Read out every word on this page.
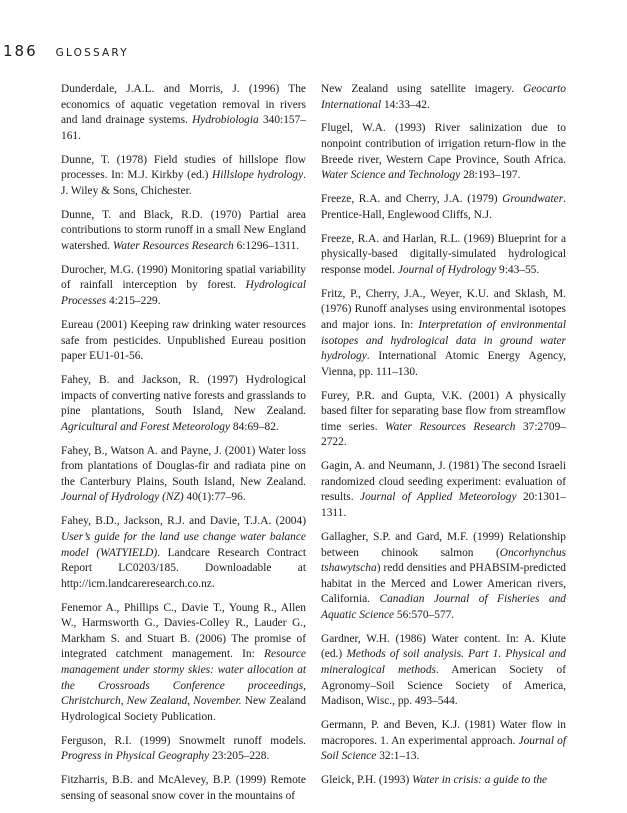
186 GLOSSARY

Dunderdale, J.A.L. and Morris, J. (1996) The economics of aquatic vegetation removal in rivers and land drainage systems. Hydrobiologia 340:157–161.

Dunne, T. (1978) Field studies of hillslope flow processes. In: M.J. Kirkby (ed.) Hillslope hydrology. J. Wiley & Sons, Chichester.

Dunne, T. and Black, R.D. (1970) Partial area contributions to storm runoff in a small New England watershed. Water Resources Research 6:1296–1311.

Durocher, M.G. (1990) Monitoring spatial variability of rainfall interception by forest. Hydrological Processes 4:215–229.

Eureau (2001) Keeping raw drinking water resources safe from pesticides. Unpublished Eureau position paper EU1-01-56.

Fahey, B. and Jackson, R. (1997) Hydrological impacts of converting native forests and grasslands to pine plantations, South Island, New Zealand. Agricultural and Forest Meteorology 84:69–82.

Fahey, B., Watson A. and Payne, J. (2001) Water loss from plantations of Douglas-fir and radiata pine on the Canterbury Plains, South Island, New Zealand. Journal of Hydrology (NZ) 40(1):77–96.

Fahey, B.D., Jackson, R.J. and Davie, T.J.A. (2004) User’s guide for the land use change water balance model (WATYIELD). Landcare Research Contract Report LC0203/185. Downloadable at http://icm.landcareresearch.co.nz.

Fenemor A., Phillips C., Davie T., Young R., Allen W., Harmsworth G., Davies-Colley R., Lauder G., Markham S. and Stuart B. (2006) The promise of integrated catchment management. In: Resource management under stormy skies: water allocation at the Crossroads Conference proceedings, Christchurch, New Zealand, November. New Zealand Hydrological Society Publication.

Ferguson, R.I. (1999) Snowmelt runoff models. Progress in Physical Geography 23:205–228.

Fitzharris, B.B. and McAlevey, B.P. (1999) Remote sensing of seasonal snow cover in the mountains of

New Zealand using satellite imagery. Geocarto International 14:33–42.

Flugel, W.A. (1993) River salinization due to nonpoint contribution of irrigation return-flow in the Breede river, Western Cape Province, South Africa. Water Science and Technology 28:193–197.

Freeze, R.A. and Cherry, J.A. (1979) Groundwater. Prentice-Hall, Englewood Cliffs, N.J.

Freeze, R.A. and Harlan, R.L. (1969) Blueprint for a physically-based digitally-simulated hydrological response model. Journal of Hydrology 9:43–55.

Fritz, P., Cherry, J.A., Weyer, K.U. and Sklash, M. (1976) Runoff analyses using environmental isotopes and major ions. In: Interpretation of environmental isotopes and hydrological data in ground water hydrology. International Atomic Energy Agency, Vienna, pp. 111–130.

Furey, P.R. and Gupta, V.K. (2001) A physically based filter for separating base flow from streamflow time series. Water Resources Research 37:2709–2722.

Gagin, A. and Neumann, J. (1981) The second Israeli randomized cloud seeding experiment: evaluation of results. Journal of Applied Meteorology 20:1301–1311.

Gallagher, S.P. and Gard, M.F. (1999) Relationship between chinook salmon (Oncorhynchus tshawytscha) redd densities and PHABSIM-predicted habitat in the Merced and Lower American rivers, California. Canadian Journal of Fisheries and Aquatic Science 56:570–577.

Gardner, W.H. (1986) Water content. In: A. Klute (ed.) Methods of soil analysis. Part 1. Physical and mineralogical methods. American Society of Agronomy–Soil Science Society of America, Madison, Wisc., pp. 493–544.

Germann, P. and Beven, K.J. (1981) Water flow in macropores. 1. An experimental approach. Journal of Soil Science 32:1–13.

Gleick, P.H. (1993) Water in crisis: a guide to the
